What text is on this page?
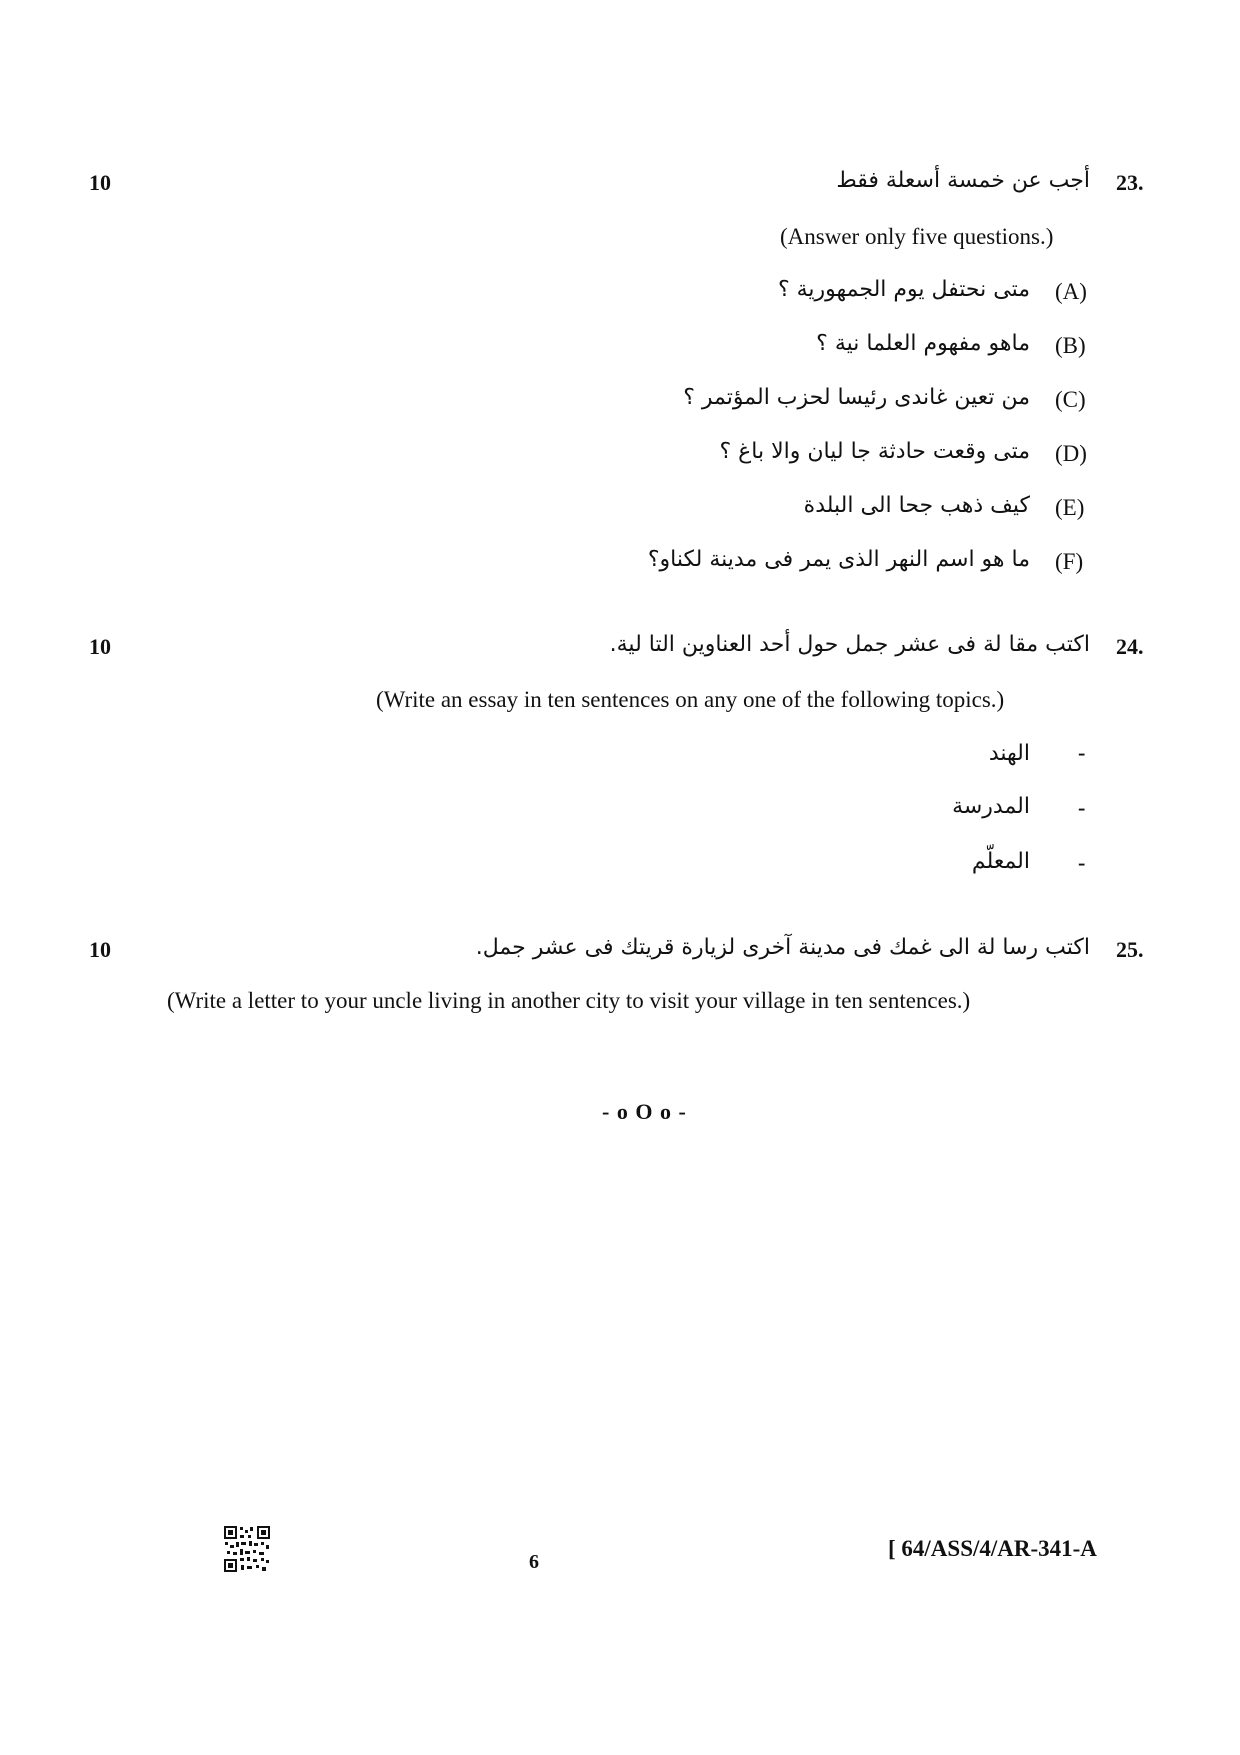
10	23.
أجب عن خمسة أسعلة فقط
(Answer only five questions.)
(A)
متى نحتفل يوم الجمهورية ؟
(B)
ماهو مفهوم العلما نية ؟
(C)
من تعين غاندى رئيسا لحزب المؤتمر ؟
(D)
متى وقعت حادثة جا ليان والا باغ ؟
(E)
كيف ذهب جحا الى البلدة
(F)
ما هو اسم النهر الذى يمر فى مدينة لكناو؟
10	24.
اكتب مقا لة فى عشر جمل حول أحد العناوين التا لية.
(Write an essay in ten sentences on any one of the following topics.)
-
الهند
-
المدرسة
-
المعلّم
10	25.
اكتب رسا لة الى غمك فى مدينة آخرى لزيارة قريتك فى عشر جمل.
(Write a letter to your uncle living in another city to visit your village in ten sentences.)
- o O o -
6
[ 64/ASS/4/AR-341-A
